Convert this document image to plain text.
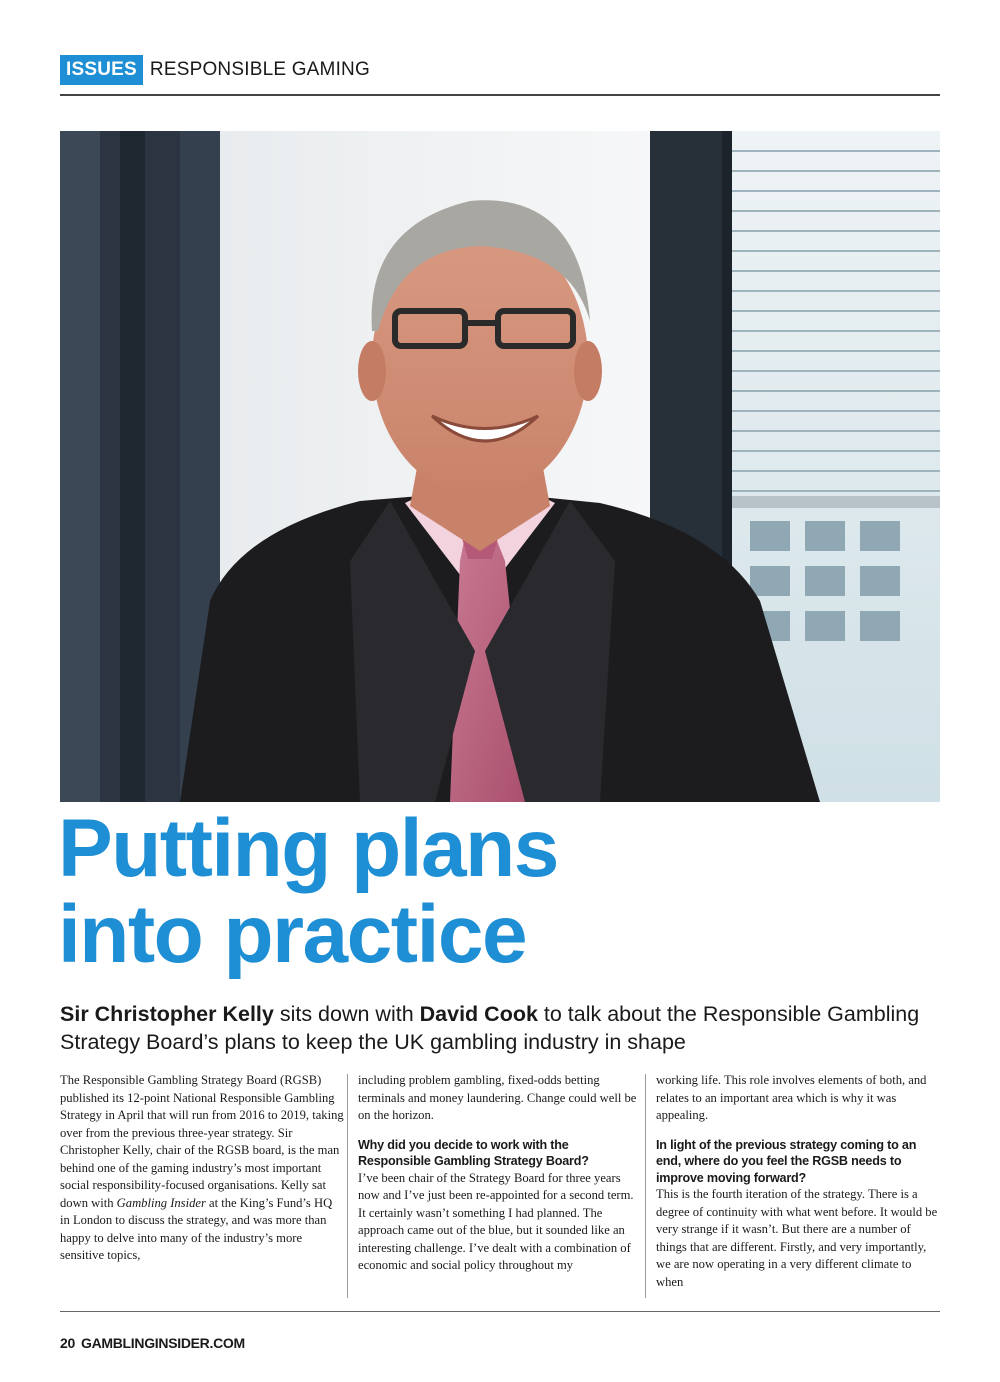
ISSUES RESPONSIBLE GAMING
Putting plans
into practice
Sir Christopher Kelly sits down with David Cook to talk about the Responsible Gambling Strategy Board’s plans to keep the UK gambling industry in shape

The Responsible Gambling Strategy Board (RGSB) published its 12-point National Responsible Gambling Strategy in April that will run from 2016 to 2019, taking over from the previous three-year strategy. Sir Christopher Kelly, chair of the RGSB board, is the man behind one of the gaming industry’s most important social responsibility-focused organisations. Kelly sat down with Gambling Insider at the King’s Fund’s HQ in London to discuss the strategy, and was more than happy to delve into many of the industry’s more sensitive topics,

including problem gambling, fixed-odds betting terminals and money laundering. Change could well be on the horizon.

Why did you decide to work with the Responsible Gambling Strategy Board?

I’ve been chair of the Strategy Board for three years now and I’ve just been re-appointed for a second term. It certainly wasn’t something I had planned. The approach came out of the blue, but it sounded like an interesting challenge. I’ve dealt with a combination of economic and social policy throughout my

working life. This role involves elements of both, and relates to an important area which is why it was appealing.

In light of the previous strategy coming to an end, where do you feel the RGSB needs to improve moving forward?

This is the fourth iteration of the strategy. There is a degree of continuity with what went before. It would be very strange if it wasn’t. But there are a number of things that are different. Firstly, and very importantly, we are now operating in a very different climate to when

20 GAMBLINGINSIDER.COM
